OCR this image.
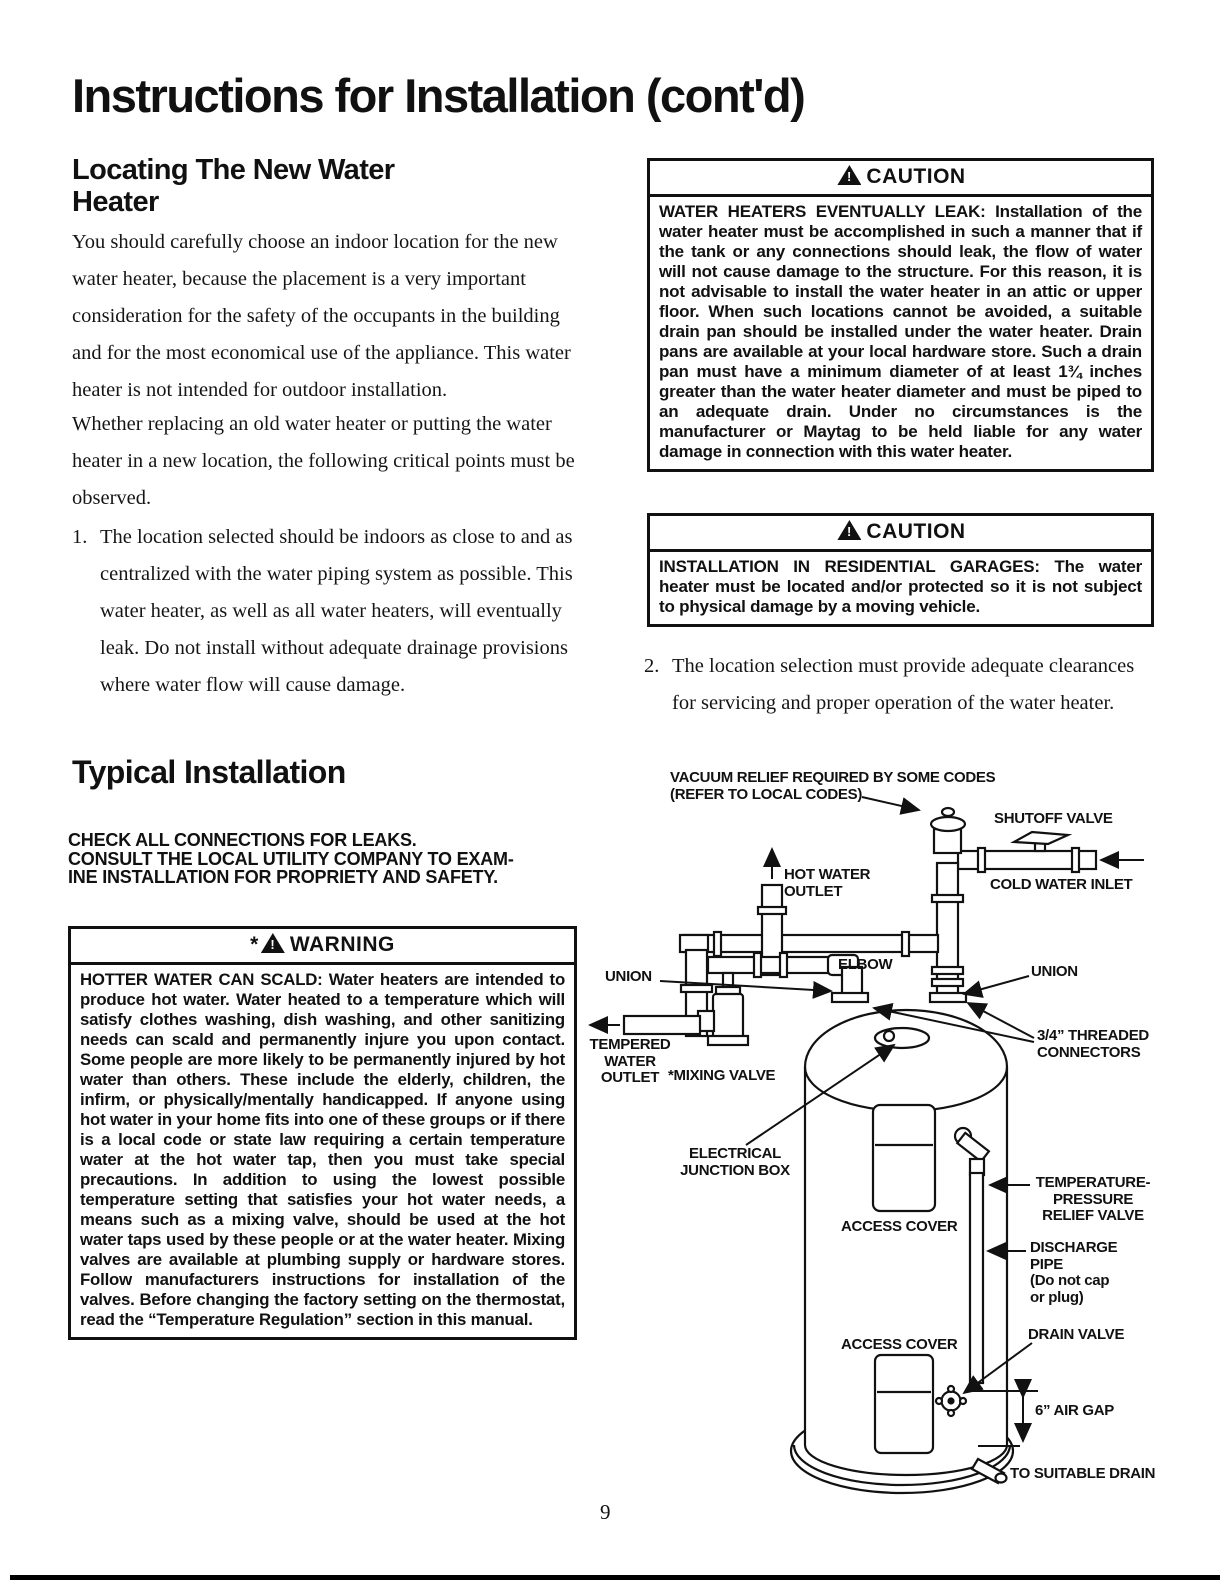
Instructions for Installation (cont'd)
Locating The New Water Heater
You should carefully choose an indoor location for the new water heater, because the placement is a very important consideration for the safety of the occupants in the building and for the most economical use of the appliance. This water heater is not intended for outdoor installation.
Whether replacing an old water heater or putting the water heater in a new location, the following critical points must be observed.
1. The location selected should be indoors as close to and as centralized with the water piping system as possible. This water heater, as well as all water heaters, will eventually leak. Do not install without adequate drainage provisions where water flow will cause damage.
Typical Installation
CHECK ALL CONNECTIONS FOR LEAKS.
CONSULT THE LOCAL UTILITY COMPANY TO EXAM-
INE INSTALLATION FOR PROPRIETY AND SAFETY.
* ! WARNING
HOTTER WATER CAN SCALD: Water heaters are intended to produce hot water. Water heated to a temperature which will satisfy clothes washing, dish washing, and other sanitizing needs can scald and permanently injure you upon contact. Some people are more likely to be permanently injured by hot water than others. These include the elderly, children, the infirm, or physically/mentally handicapped. If anyone using hot water in your home fits into one of these groups or if there is a local code or state law requiring a certain temperature water at the hot water tap, then you must take special precautions. In addition to using the lowest possible temperature setting that satisfies your hot water needs, a means such as a mixing valve, should be used at the hot water taps used by these people or at the water heater. Mixing valves are available at plumbing supply or hardware stores. Follow manufacturers instructions for installation of the valves. Before changing the factory setting on the thermostat, read the “Temperature Regulation” section in this manual.
!CAUTION
WATER HEATERS EVENTUALLY LEAK: Installation of the water heater must be accomplished in such a manner that if the tank or any connections should leak, the flow of water will not cause damage to the structure. For this reason, it is not advisable to install the water heater in an attic or upper floor. When such locations cannot be avoided, a suitable drain pan should be installed under the water heater. Drain pans are available at your local hardware store. Such a drain pan must have a minimum diameter of at least 1¾ inches greater than the water heater diameter and must be piped to an adequate drain. Under no circumstances is the manufacturer or Maytag to be held liable for any water damage in connection with this water heater.
!CAUTION
INSTALLATION IN RESIDENTIAL GARAGES: The water heater must be located and/or protected so it is not subject to physical damage by a moving vehicle.
2. The location selection must provide adequate clearances for servicing and proper operation of the water heater.
VACUUM RELIEF REQUIRED BY SOME CODES
(REFER TO LOCAL CODES)
SHUTOFF VALVE
HOT WATER
OUTLET	COLD WATER INLET
ELBOW
UNION	UNION
TEMPERED
WATER
OUTLET *MIXING VALVE
3/4” THREADED
CONNECTORS
ELECTRICAL
JUNCTION BOX
ACCESS COVER
TEMPERATURE-
PRESSURE
RELIEF VALVE
DISCHARGE
PIPE
(Do not cap
or plug)
DRAIN VALVE
ACCESS COVER
6” AIR GAP
TO SUITABLE DRAIN
9
